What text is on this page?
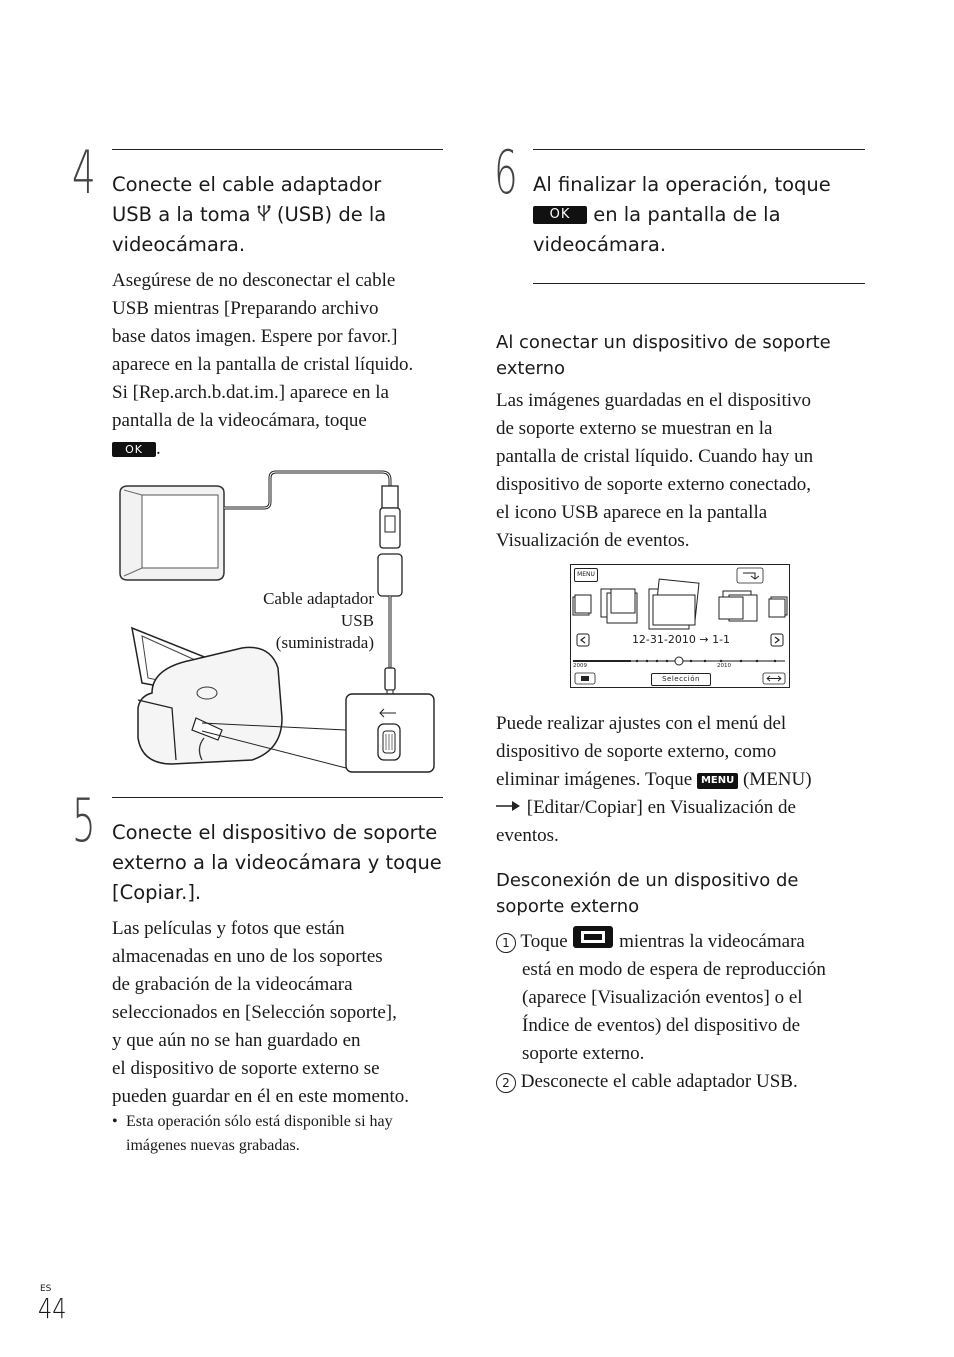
4 Conecte el cable adaptador
USB a la toma (USB) de la
videocámara.
Asegúrese de no desconectar el cable
USB mientras [Preparando archivo
base datos imagen. Espere por favor.]
aparece en la pantalla de cristal líquido.
Si [Rep.arch.b.dat.im.] aparece en la
pantalla de la videocámara, toque
OK .
Cable adaptador
USB
(suministrada)
5 Conecte el dispositivo de soporte
externo a la videocámara y toque
[Copiar.].
Las películas y fotos que están
almacenadas en uno de los soportes
de grabación de la videocámara
seleccionados en [Selección soporte],
y que aún no se han guardado en
el dispositivo de soporte externo se
pueden guardar en él en este momento.
• Esta operación sólo está disponible si hay
imágenes nuevas grabadas.
6 Al finalizar la operación, toque
OK en la pantalla de la
videocámara.
Al conectar un dispositivo de soporte
externo
Las imágenes guardadas en el dispositivo
de soporte externo se muestran en la
pantalla de cristal líquido. Cuando hay un
dispositivo de soporte externo conectado,
el icono USB aparece en la pantalla
Visualización de eventos.
MENU
12-31-2010 → 1-1
2009	2010
Selección
Puede realizar ajustes con el menú del
dispositivo de soporte externo, como
eliminar imágenes. Toque MENU (MENU)
[Editar/Copiar] en Visualización de
eventos.
Desconexión de un dispositivo de
soporte externo
1 Toque	mientras la videocámara
está en modo de espera de reproducción
(aparece [Visualización eventos] o el
Índice de eventos) del dispositivo de
soporte externo.
2 Desconecte el cable adaptador USB.
ES
44
